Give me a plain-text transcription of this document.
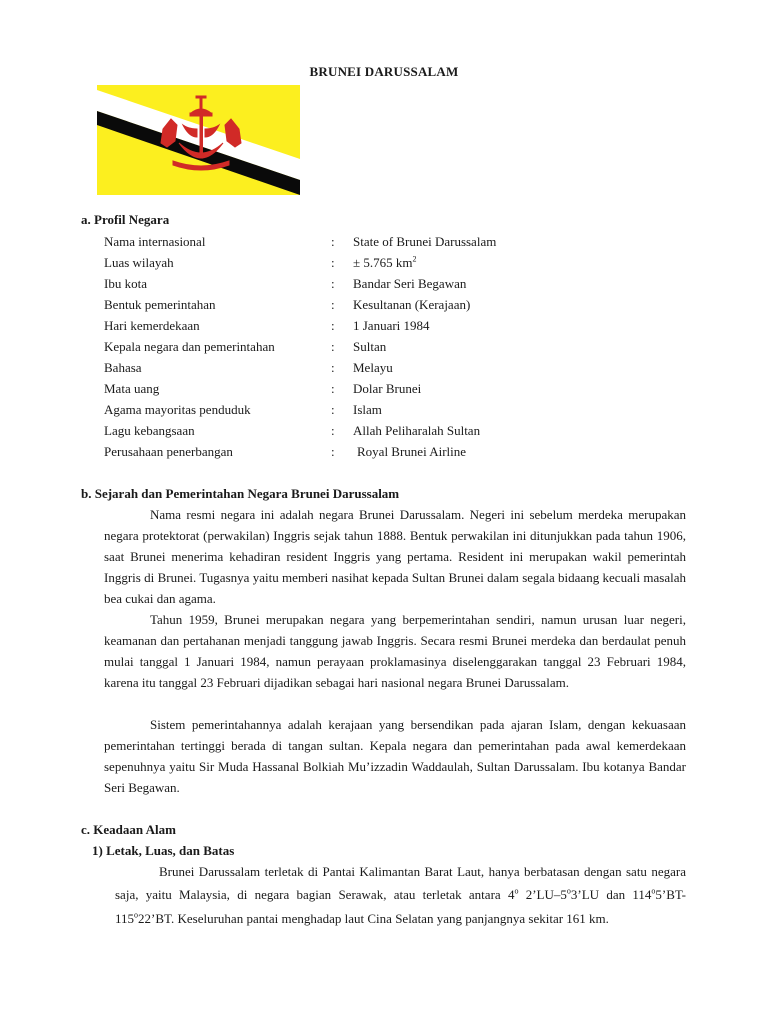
BRUNEI DARUSSALAM
a. Profil Negara
Nama internasional	: State of Brunei Darussalam
Luas wilayah	: ± 5.765 $km^2$
Ibu kota	: Bandar Seri Begawan
Bentuk pemerintahan	: Kesultanan (Kerajaan)
Hari kemerdekaan	: 1 Januari 1984
Kepala negara dan pemerintahan	: Sultan
Bahasa	: Melayu
Mata uang	: Dolar Brunei
Agama mayoritas penduduk	: Islam
Lagu kebangsaan	: Allah Peliharalah Sultan
Perusahaan penerbangan	: Royal Brunei Airline
b. Sejarah dan Pemerintahan Negara Brunei Darussalam

Nama resmi negara ini adalah negara Brunei Darussalam. Negeri ini sebelum merdeka merupakan negara protektorat (perwakilan) Inggris sejak tahun 1888. Bentuk perwakilan ini ditunjukkan pada tahun 1906, saat Brunei menerima kehadiran resident Inggris yang pertama. Resident ini merupakan wakil pemerintah Inggris di Brunei. Tugasnya yaitu memberi nasihat kepada Sultan Brunei dalam segala bidaang kecuali masalah bea cukai dan agama.

Tahun 1959, Brunei merupakan negara yang berpemerintahan sendiri, namun urusan luar negeri, keamanan dan pertahanan menjadi tanggung jawab Inggris. Secara resmi Brunei merdeka dan berdaulat penuh mulai tanggal 1 Januari 1984, namun perayaan proklamasinya diselenggarakan tanggal 23 Februari 1984, karena itu tanggal 23 Februari dijadikan sebagai hari nasional negara Brunei Darussalam.

Sistem pemerintahannya adalah kerajaan yang bersendikan pada ajaran Islam, dengan kekuasaan pemerintahan tertinggi berada di tangan sultan. Kepala negara dan pemerintahan pada awal kemerdekaan sepenuhnya yaitu Sir Muda Hassanal Bolkiah Mu’izzadin Waddaulah, Sultan Darussalam. Ibu kotanya Bandar Seri Begawan.

c. Keadaan Alam
1) Letak, Luas, dan Batas

Brunei Darussalam terletak di Pantai Kalimantan Barat Laut, hanya berbatasan dengan satu negara saja, yaitu Malaysia, di negara bagian Serawak, atau terletak antara 4$^o$ 2’LU–5$^o$3’LU dan 114$^o$5’BT-115$^o$22’BT. Keseluruhan pantai menghadap laut Cina Selatan yang panjangnya sekitar 161 km.
